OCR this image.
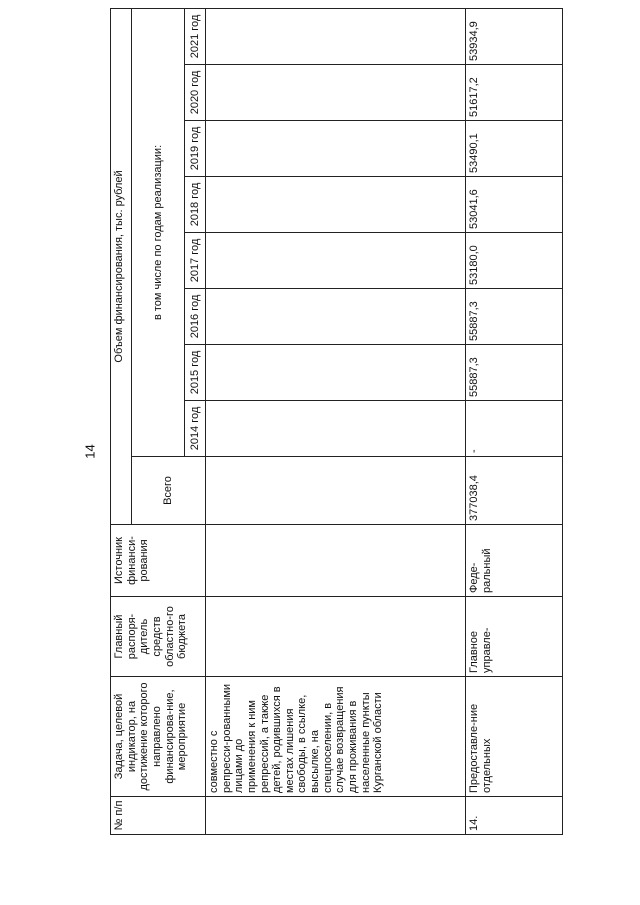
14
№ п/п	Задача, целевой индикатор, на достижение которого направлено финансирова-ние, мероприятие	Главный распоря-дитель средств областно-го бюджета	Источник финанси-рования	Объем финансирования, тыс. рублей								
				Всего	в том числе по годам реализации:							
					2014 год	2015 год	2016 год	2017 год	2018 год	2019 год	2020 год	2021 год
	совместно с репресси-рованными лицами до применения к ним репрессий, а также детей, родившихся в местах лишения свободы, в ссылке, высылке, на спецпоселении, в случае возвращения для проживания в населенные пункты Курганской области											
14.	Предоставле-ние отдельных	Главное управле-	Феде-ральный	377038,4	-	55887,3	55887,3	53180,0	53041,6	53490,1	51617,2	53934,9
